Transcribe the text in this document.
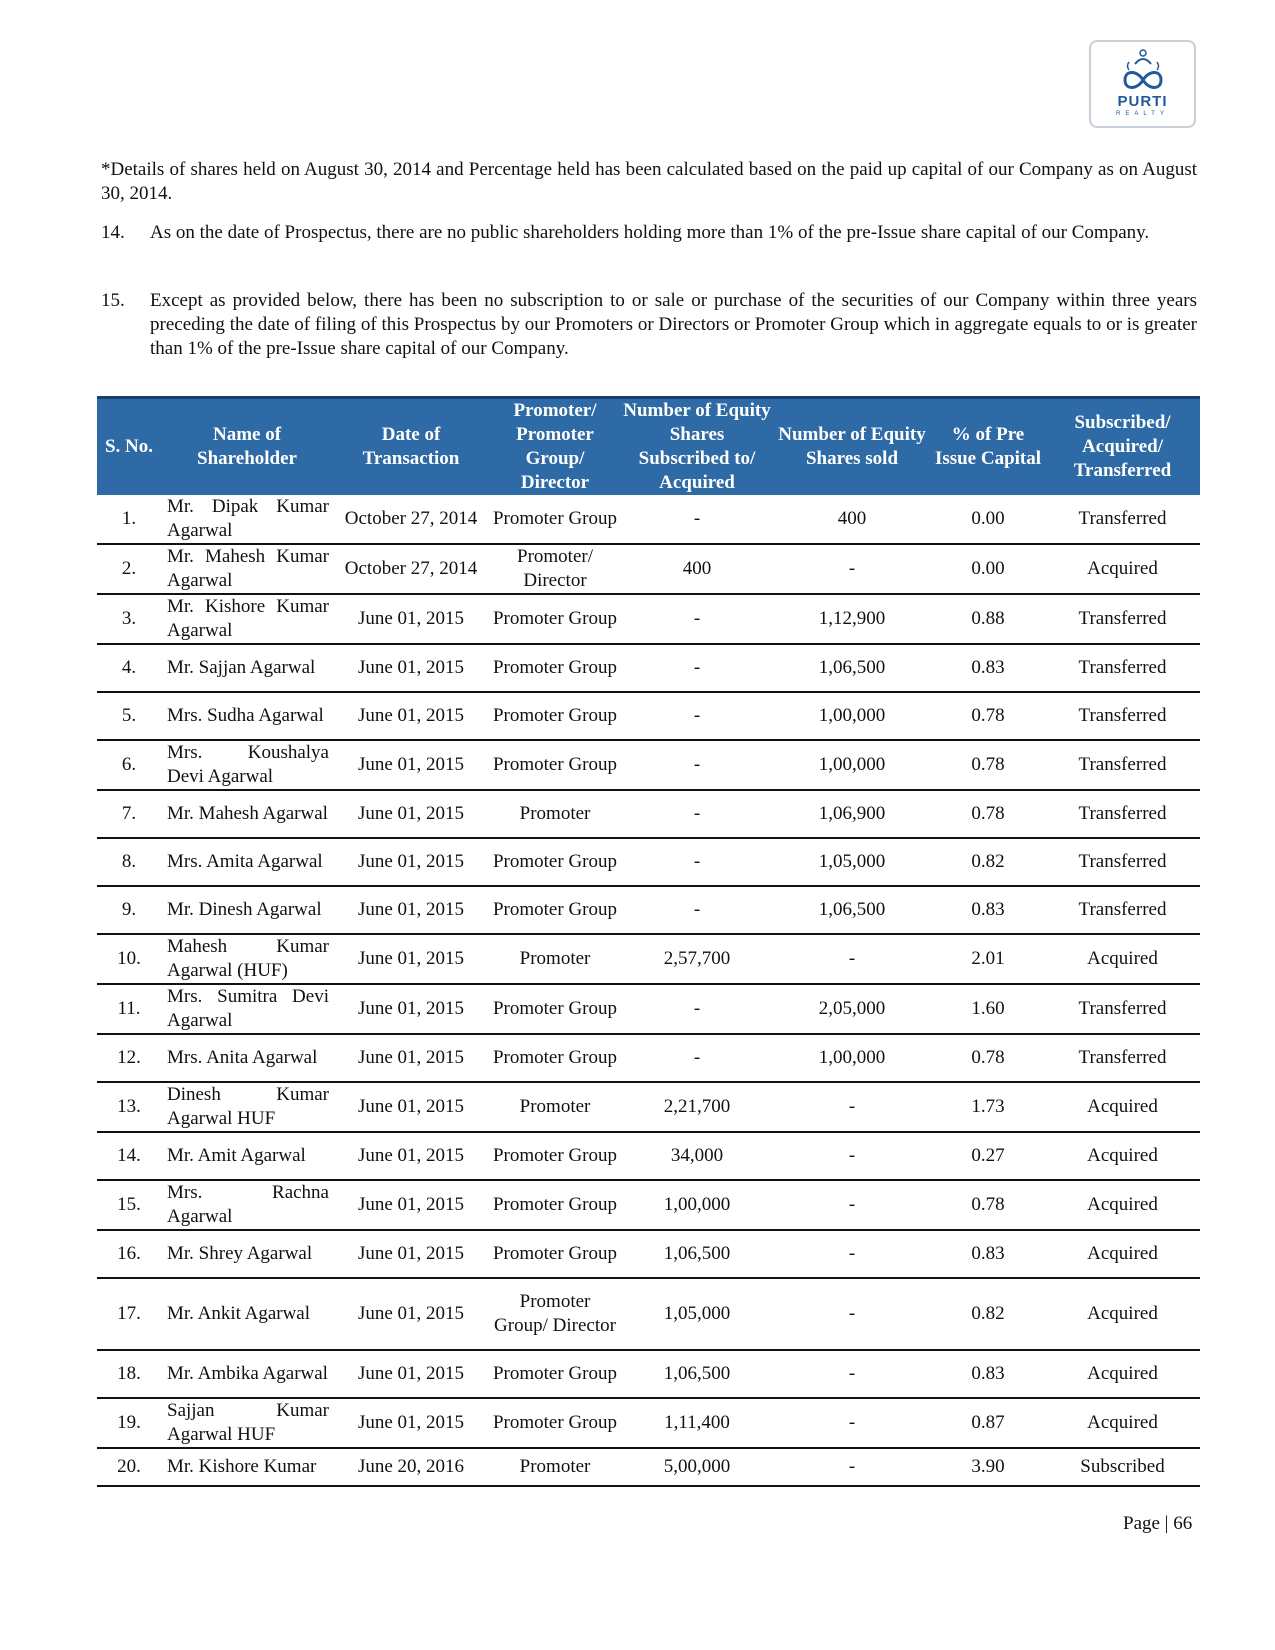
PURTI
REALTY
*Details of shares held on August 30, 2014 and Percentage held has been calculated based on the paid up capital of our Company as on August 30, 2014.
14. As on the date of Prospectus, there are no public shareholders holding more than 1% of the pre-Issue share capital of our Company.
15. Except as provided below, there has been no subscription to or sale or purchase of the securities of our Company within three years preceding the date of filing of this Prospectus by our Promoters or Directors or Promoter Group which in aggregate equals to or is greater than 1% of the pre-Issue share capital of our Company.
S. No.	Name of Shareholder	Date of Transaction	Promoter/ Promoter Group/ Director	Number of Equity Shares Subscribed to/ Acquired	Number of Equity Shares sold	% of Pre Issue Capital	Subscribed/ Acquired/ Transferred
1.	Mr. Dipak Kumar Agarwal	October 27, 2014	Promoter Group	-	400	0.00	Transferred
2.	Mr. Mahesh Kumar Agarwal	October 27, 2014	Promoter/ Director	400	-	0.00	Acquired
3.	Mr. Kishore Kumar Agarwal	June 01, 2015	Promoter Group	-	1,12,900	0.88	Transferred
4.	Mr. Sajjan Agarwal	June 01, 2015	Promoter Group	-	1,06,500	0.83	Transferred
5.	Mrs. Sudha Agarwal	June 01, 2015	Promoter Group	-	1,00,000	0.78	Transferred
6.	Mrs. Koushalya Devi Agarwal	June 01, 2015	Promoter Group	-	1,00,000	0.78	Transferred
7.	Mr. Mahesh Agarwal	June 01, 2015	Promoter	-	1,06,900	0.78	Transferred
8.	Mrs. Amita Agarwal	June 01, 2015	Promoter Group	-	1,05,000	0.82	Transferred
9.	Mr. Dinesh Agarwal	June 01, 2015	Promoter Group	-	1,06,500	0.83	Transferred
10.	Mahesh Kumar Agarwal (HUF)	June 01, 2015	Promoter	2,57,700	-	2.01	Acquired
11.	Mrs. Sumitra Devi Agarwal	June 01, 2015	Promoter Group	-	2,05,000	1.60	Transferred
12.	Mrs. Anita Agarwal	June 01, 2015	Promoter Group	-	1,00,000	0.78	Transferred
13.	Dinesh Kumar Agarwal HUF	June 01, 2015	Promoter	2,21,700	-	1.73	Acquired
14.	Mr. Amit Agarwal	June 01, 2015	Promoter Group	34,000	-	0.27	Acquired
15.	Mrs. Rachna Agarwal	June 01, 2015	Promoter Group	1,00,000	-	0.78	Acquired
16.	Mr. Shrey Agarwal	June 01, 2015	Promoter Group	1,06,500	-	0.83	Acquired
17.	Mr. Ankit Agarwal	June 01, 2015	Promoter Group/ Director	1,05,000	-	0.82	Acquired
18.	Mr. Ambika Agarwal	June 01, 2015	Promoter Group	1,06,500	-	0.83	Acquired
19.	Sajjan Kumar Agarwal HUF	June 01, 2015	Promoter Group	1,11,400	-	0.87	Acquired
20.	Mr. Kishore Kumar	June 20, 2016	Promoter	5,00,000	-	3.90	Subscribed
Page | 66
